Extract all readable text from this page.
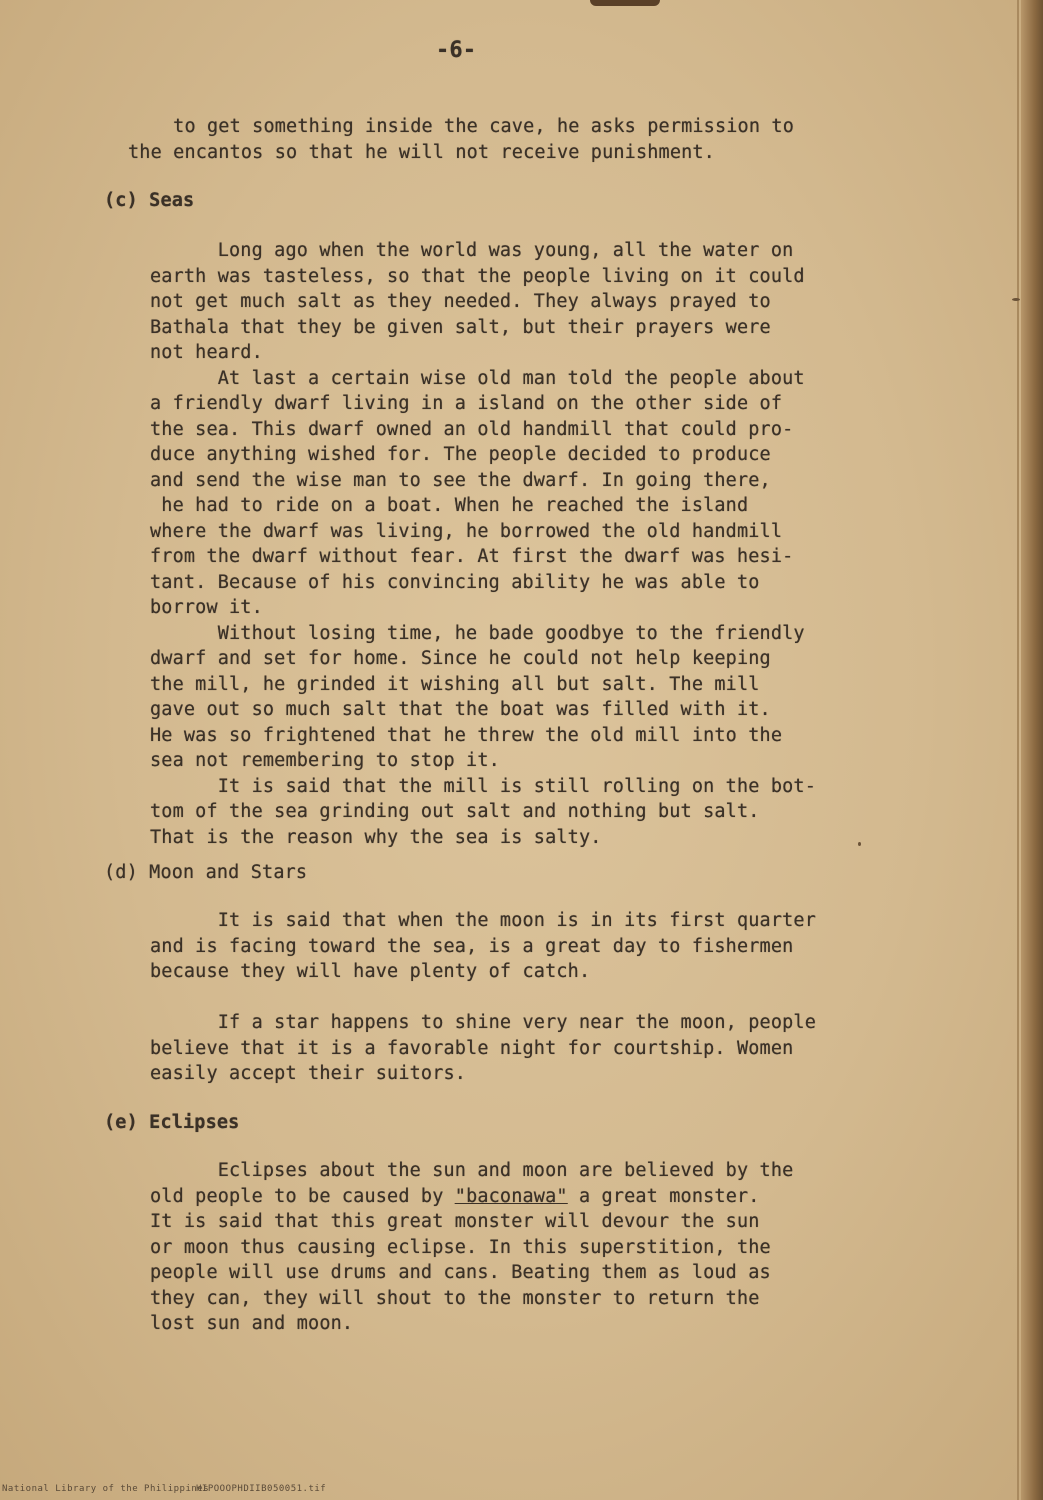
-6-
to get something inside the cave, he asks permission to
the encantos so that he will not receive punishment.
(c) Seas
Long ago when the world was young, all the water on
earth was tasteless, so that the people living on it could
not get much salt as they needed. They always prayed to
Bathala that they be given salt, but their prayers were
not heard.
At last a certain wise old man told the people about
a friendly dwarf living in a island on the other side of
the sea. This dwarf owned an old handmill that could pro-
duce anything wished for. The people decided to produce
and send the wise man to see the dwarf. In going there,
he had to ride on a boat. When he reached the island
where the dwarf was living, he borrowed the old handmill
from the dwarf without fear. At first the dwarf was hesi-
tant. Because of his convincing ability he was able to
borrow it.
Without losing time, he bade goodbye to the friendly
dwarf and set for home. Since he could not help keeping
the mill, he grinded it wishing all but salt. The mill
gave out so much salt that the boat was filled with it.
He was so frightened that he threw the old mill into the
sea not remembering to stop it.
It is said that the mill is still rolling on the bot-
tom of the sea grinding out salt and nothing but salt.
That is the reason why the sea is salty.
(d) Moon and Stars
It is said that when the moon is in its first quarter
and is facing toward the sea, is a great day to fishermen
because they will have plenty of catch.
If a star happens to shine very near the moon, people
believe that it is a favorable night for courtship. Women
easily accept their suitors.
(e) Eclipses
Eclipses about the sun and moon are believed by the
old people to be caused by "baconawa" a great monster.
It is said that this great monster will devour the sun
or moon thus causing eclipse. In this superstition, the
people will use drums and cans. Beating them as loud as
they can, they will shout to the monster to return the
lost sun and moon.
National Library of the Philippines
HIPOOOPHDIIB050051.tif
